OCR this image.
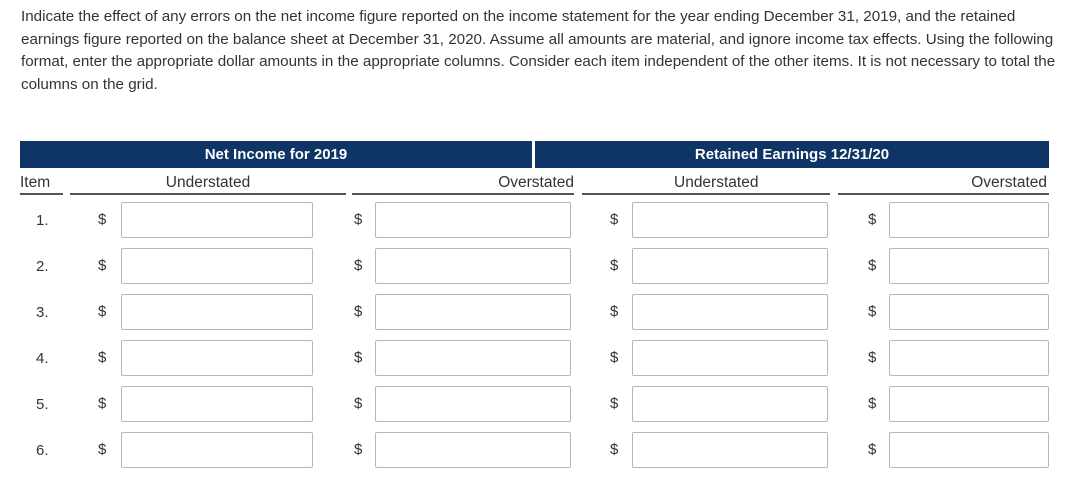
Indicate the effect of any errors on the net income figure reported on the income statement for the year ending December 31, 2019, and the retained earnings figure reported on the balance sheet at December 31, 2020. Assume all amounts are material, and ignore income tax effects. Using the following format, enter the appropriate dollar amounts in the appropriate columns. Consider each item independent of the other items. It is not necessary to total the columns on the grid.

Net Income for 2019	Retained Earnings 12/31/20
Item	Understated	Overstated	Understated	Overstated
1.	$	$	$	$
2.	$	$	$	$
3.	$	$	$	$
4.	$	$	$	$
5.	$	$	$	$
6.	$	$	$	$
